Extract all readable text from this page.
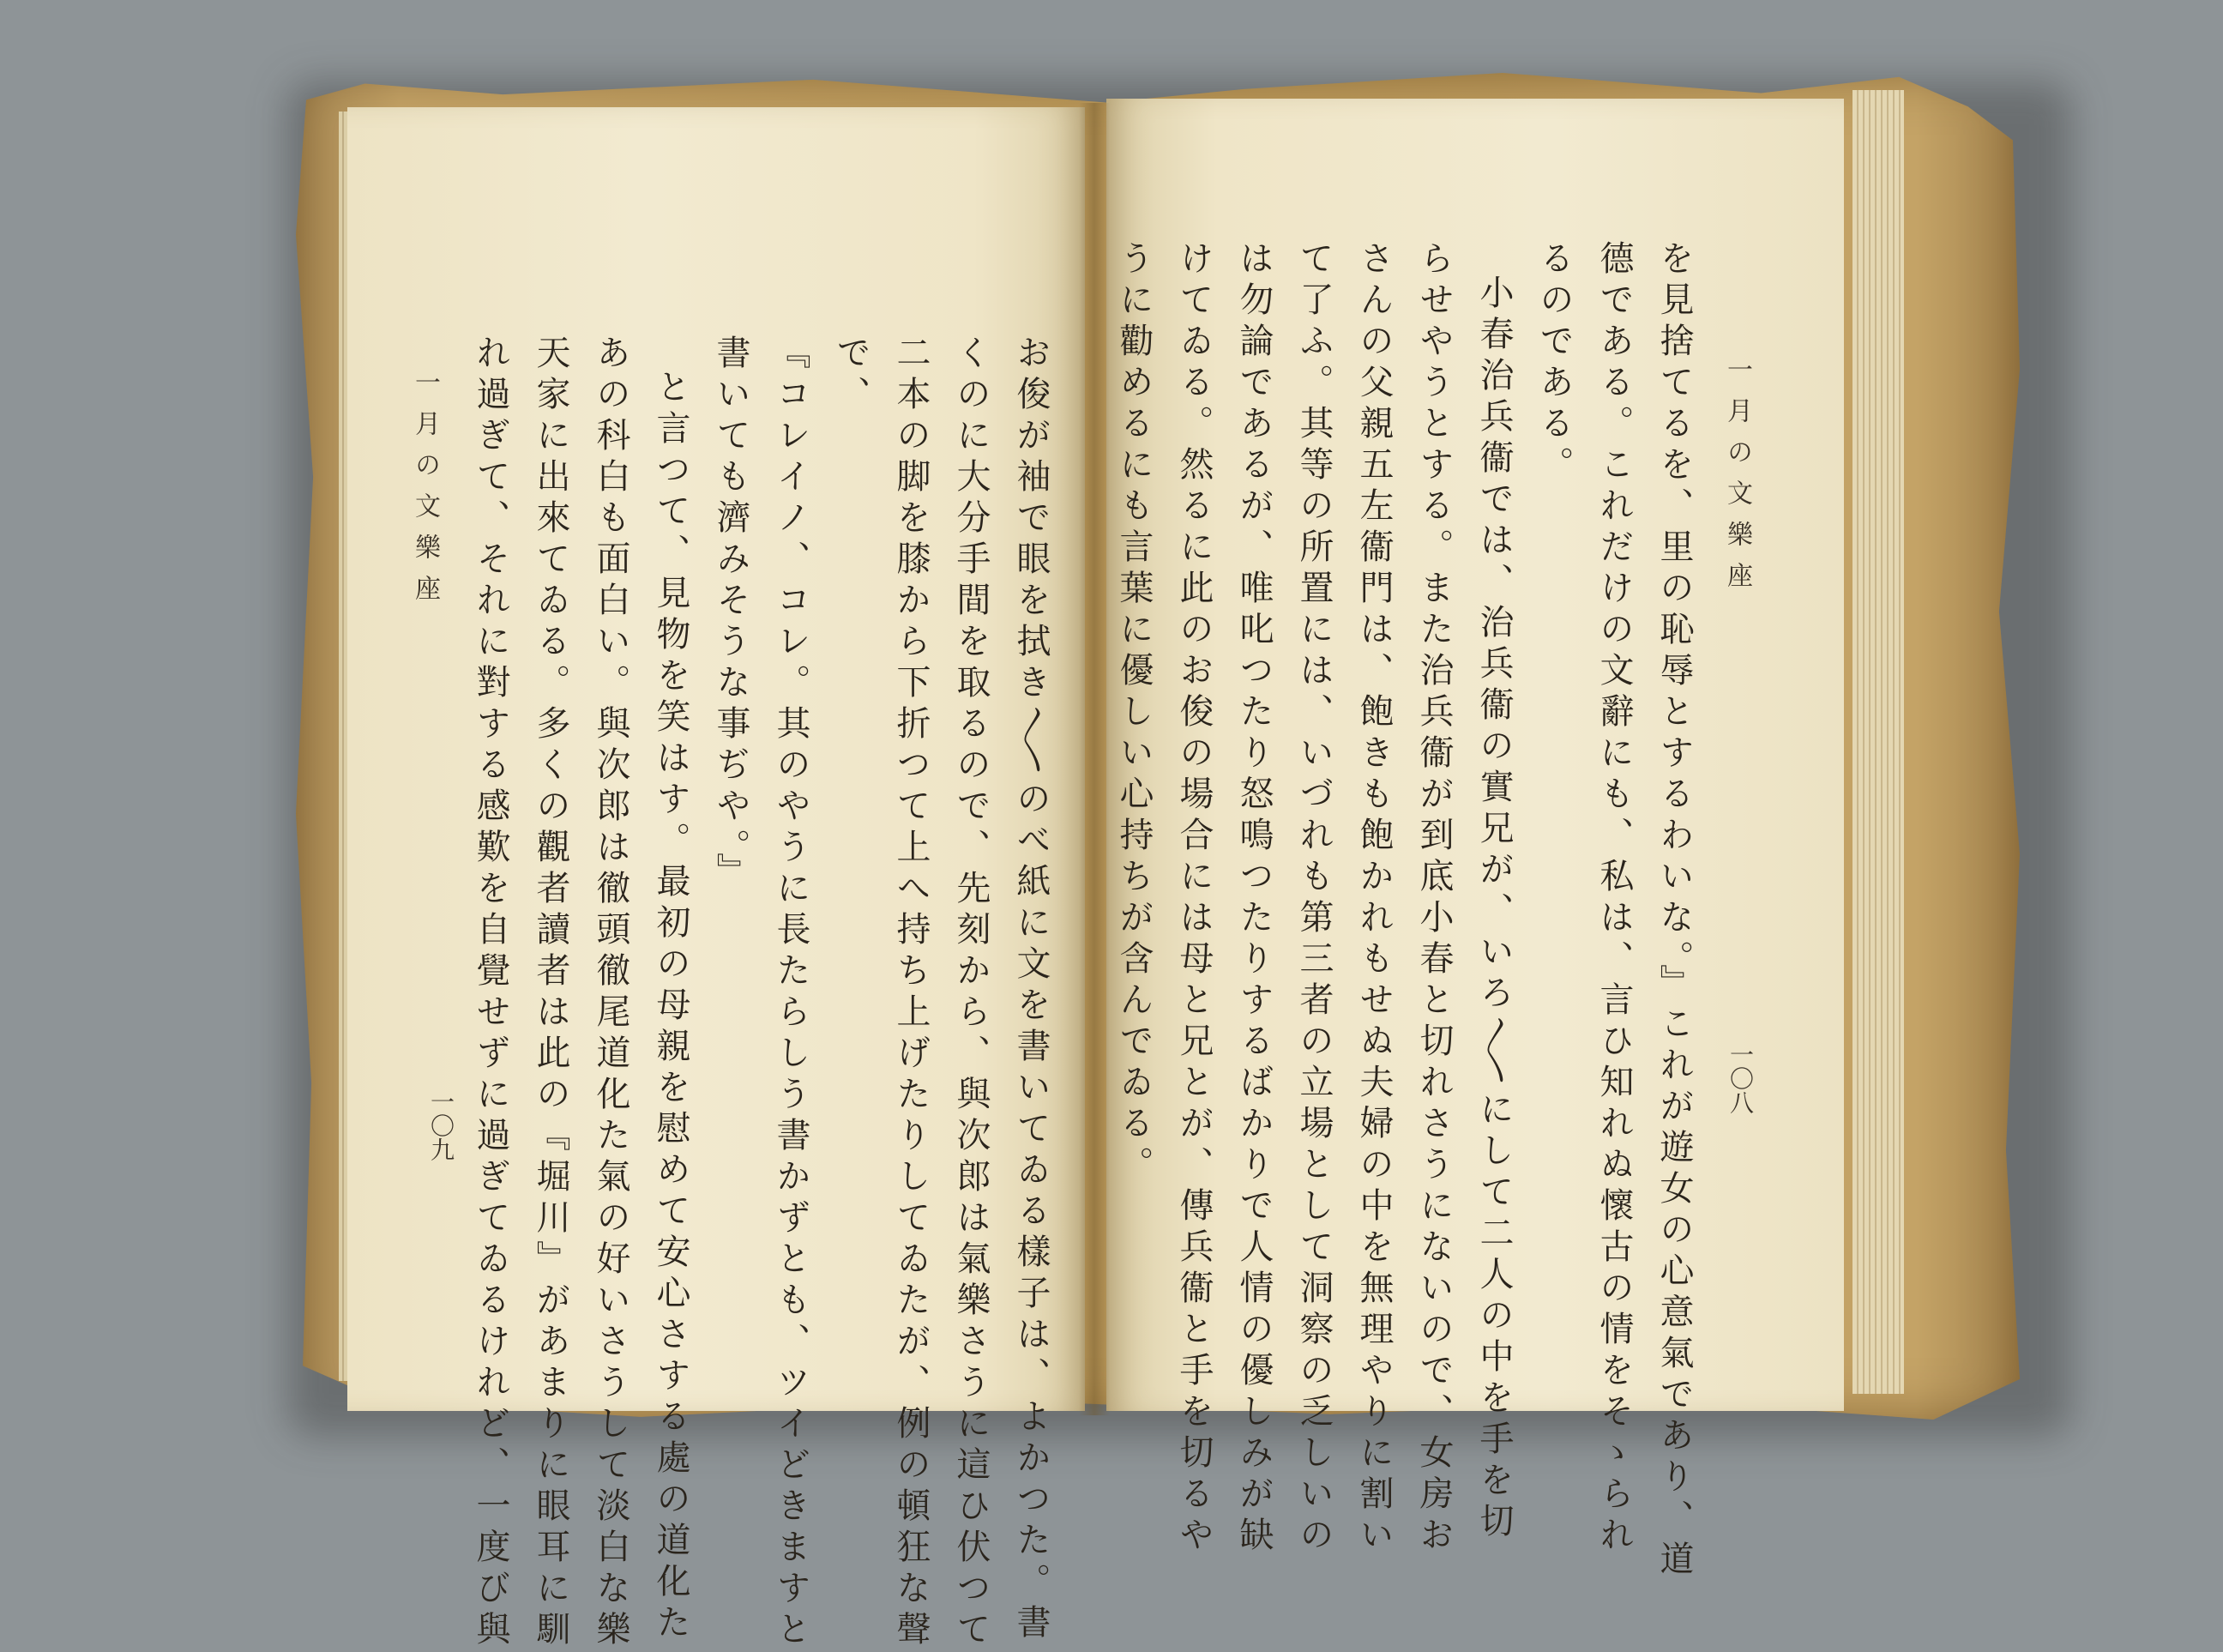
お俊が袖で眼を拭き〳〵のべ紙に文を書いてゐる樣子は、よかつた。書
くのに大分手間を取るので、先刻から、與次郎は氣樂さうに這ひ伏つて
二本の脚を膝から下折つて上へ持ち上げたりしてゐたが、例の頓狂な聲
で、
『コレイノ、コレ。其のやうに長たらしう書かずとも、ツイどきますと
書いても濟みそうな事ぢや。』
と言つて、見物を笑はす。最初の母親を慰めて安心さする處の道化た
あの科白も面白い。與次郎は徹頭徹尾道化た氣の好いさうして淡白な樂
天家に出來てゐる。多くの觀者讀者は此の『堀川』があまりに眼耳に馴
れ過ぎて、それに對する感歎を自覺せずに過ぎてゐるけれど、一度び與
一月の文樂座
一〇九
一月の文樂座
一〇八
を見捨てるを、里の恥辱とするわいな。』これが遊女の心意氣であり、道
德である。これだけの文辭にも、私は、言ひ知れぬ懷古の情をそゝられ
るのである。
小春治兵衞では、治兵衞の實兄が、いろ〳〵にして二人の中を手を切
らせやうとする。また治兵衞が到底小春と切れさうにないので、女房お
さんの父親五左衞門は、飽きも飽かれもせぬ夫婦の中を無理やりに割い
て了ふ。其等の所置には、いづれも第三者の立場として洞察の乏しいの
は勿論であるが、唯叱つたり怒鳴つたりするばかりで人情の優しみが缺
けてゐる。然るに此のお俊の場合には母と兄とが、傳兵衞と手を切るや
うに勸めるにも言葉に優しい心持ちが含んでゐる。
